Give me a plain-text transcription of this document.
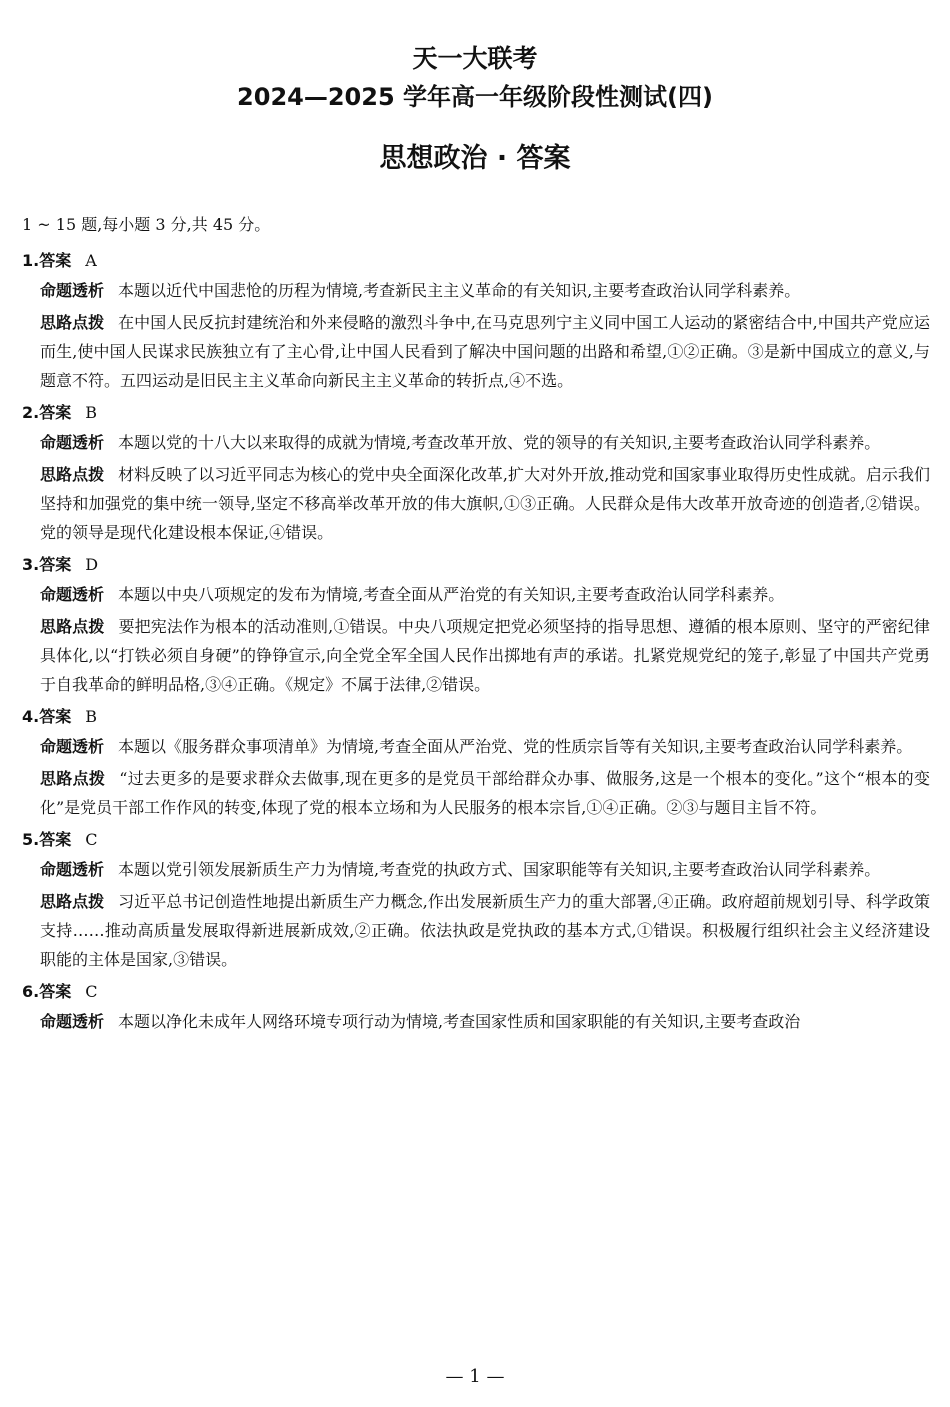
天一大联考
2024—2025 学年高一年级阶段性测试(四)
思想政治 · 答案
1 ~ 15 题,每小题 3 分,共 45 分。
1.答案 A
命题透析 本题以近代中国悲怆的历程为情境,考查新民主主义革命的有关知识,主要考查政治认同学科素养。
思路点拨 在中国人民反抗封建统治和外来侵略的激烈斗争中,在马克思列宁主义同中国工人运动的紧密结合中,中国共产党应运而生,使中国人民谋求民族独立有了主心骨,让中国人民看到了解决中国问题的出路和希望,①②正确。③是新中国成立的意义,与题意不符。五四运动是旧民主主义革命向新民主主义革命的转折点,④不选。
2.答案 B
命题透析 本题以党的十八大以来取得的成就为情境,考查改革开放、党的领导的有关知识,主要考查政治认同学科素养。
思路点拨 材料反映了以习近平同志为核心的党中央全面深化改革,扩大对外开放,推动党和国家事业取得历史性成就。启示我们坚持和加强党的集中统一领导,坚定不移高举改革开放的伟大旗帜,①③正确。人民群众是伟大改革开放奇迹的创造者,②错误。党的领导是现代化建设根本保证,④错误。
3.答案 D
命题透析 本题以中央八项规定的发布为情境,考查全面从严治党的有关知识,主要考查政治认同学科素养。
思路点拨 要把宪法作为根本的活动准则,①错误。中央八项规定把党必须坚持的指导思想、遵循的根本原则、坚守的严密纪律具体化,以“打铁必须自身硬”的铮铮宣示,向全党全军全国人民作出掷地有声的承诺。扎紧党规党纪的笼子,彰显了中国共产党勇于自我革命的鲜明品格,③④正确。《规定》不属于法律,②错误。
4.答案 B
命题透析 本题以《服务群众事项清单》为情境,考查全面从严治党、党的性质宗旨等有关知识,主要考查政治认同学科素养。
思路点拨 “过去更多的是要求群众去做事,现在更多的是党员干部给群众办事、做服务,这是一个根本的变化。”这个“根本的变化”是党员干部工作作风的转变,体现了党的根本立场和为人民服务的根本宗旨,①④正确。②③与题目主旨不符。
5.答案 C
命题透析 本题以党引领发展新质生产力为情境,考查党的执政方式、国家职能等有关知识,主要考查政治认同学科素养。
思路点拨 习近平总书记创造性地提出新质生产力概念,作出发展新质生产力的重大部署,④正确。政府超前规划引导、科学政策支持……推动高质量发展取得新进展新成效,②正确。依法执政是党执政的基本方式,①错误。积极履行组织社会主义经济建设职能的主体是国家,③错误。
6.答案 C
命题透析 本题以净化未成年人网络环境专项行动为情境,考查国家性质和国家职能的有关知识,主要考查政治
— 1 —
